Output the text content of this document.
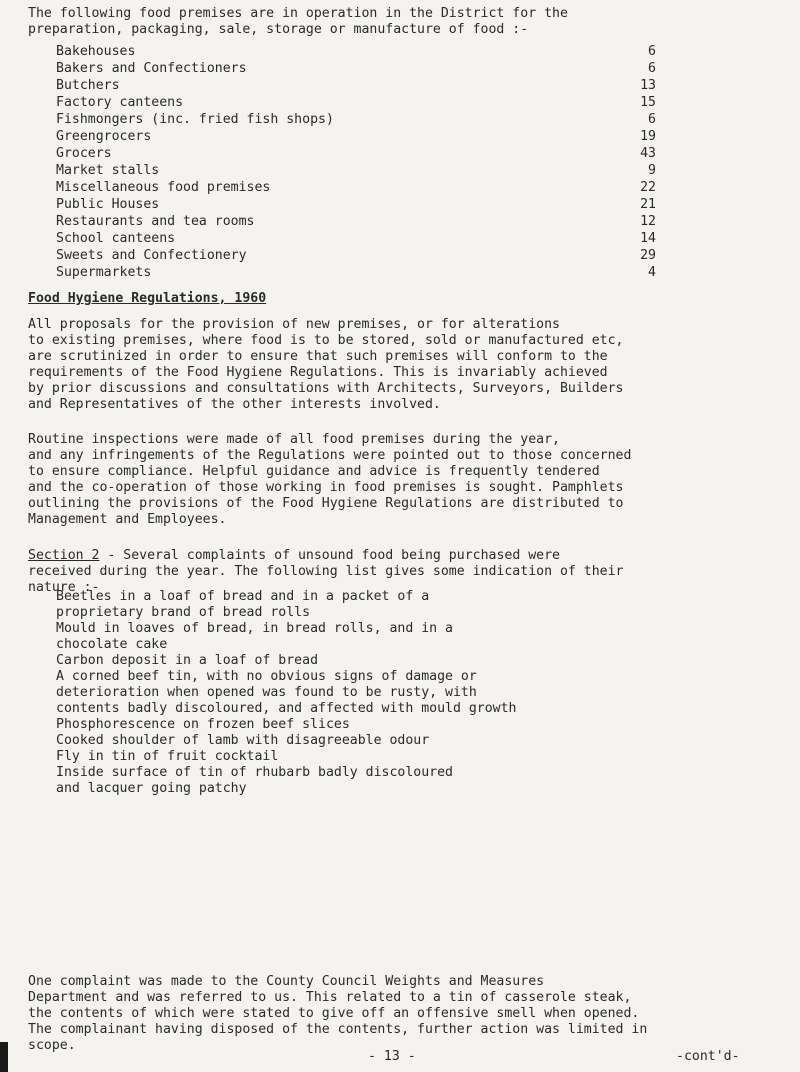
The following food premises are in operation in the District for the
preparation, packaging, sale, storage or manufacture of food :-
Bakehouses	6
Bakers and Confectioners	6
Butchers	13
Factory canteens	15
Fishmongers (inc. fried fish shops)	6
Greengrocers	19
Grocers	43
Market stalls	9
Miscellaneous food premises	22
Public Houses	21
Restaurants and tea rooms	12
School canteens	14
Sweets and Confectionery	29
Supermarkets	4
Food Hygiene Regulations, 1960
All proposals for the provision of new premises, or for alterations
to existing premises, where food is to be stored, sold or manufactured etc,
are scrutinized in order to ensure that such premises will conform to the
requirements of the Food Hygiene Regulations. This is invariably achieved
by prior discussions and consultations with Architects, Surveyors, Builders
and Representatives of the other interests involved.
Routine inspections were made of all food premises during the year,
and any infringements of the Regulations were pointed out to those concerned
to ensure compliance. Helpful guidance and advice is frequently tendered
and the co-operation of those working in food premises is sought. Pamphlets
outlining the provisions of the Food Hygiene Regulations are distributed to
Management and Employees.
Section 2 - Several complaints of unsound food being purchased were
received during the year. The following list gives some indication of their
nature :-
Beetles in a loaf of bread and in a packet of a
proprietary brand of bread rolls
Mould in loaves of bread, in bread rolls, and in a
chocolate cake
Carbon deposit in a loaf of bread
A corned beef tin, with no obvious signs of damage or
deterioration when opened was found to be rusty, with
contents badly discoloured, and affected with mould growth
Phosphorescence on frozen beef slices
Cooked shoulder of lamb with disagreeable odour
Fly in tin of fruit cocktail
Inside surface of tin of rhubarb badly discoloured
and lacquer going patchy
One complaint was made to the County Council Weights and Measures
Department and was referred to us. This related to a tin of casserole steak,
the contents of which were stated to give off an offensive smell when opened.
The complainant having disposed of the contents, further action was limited in
scope.
- 13 -	-cont'd-
